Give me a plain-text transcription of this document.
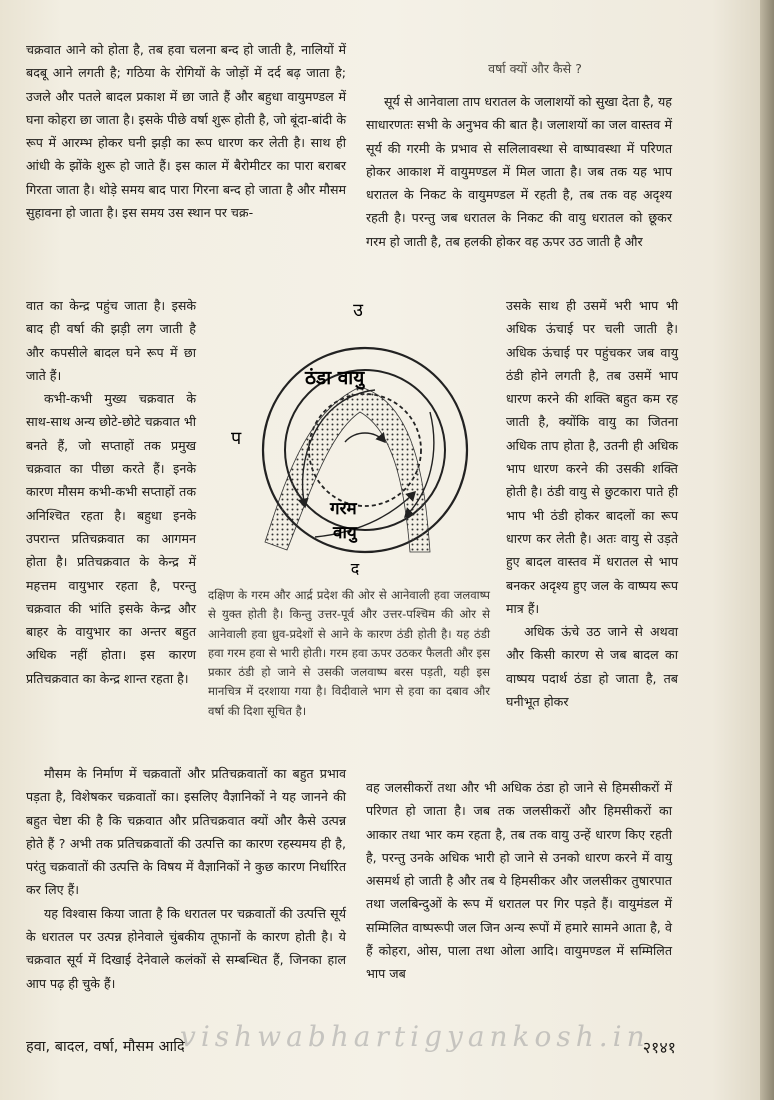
चक्रवात आने को होता है, तब हवा चलना बन्द हो जाती है, नालियों में बदबू आने लगती है; गठिया के रोगियों के जोड़ों में दर्द बढ़ जाता है; उजले और पतले बादल प्रकाश में छा जाते हैं और बहुधा वायुमण्डल में घना कोहरा छा जाता है। इसके पीछे वर्षा शुरू होती है, जो बूंदा-बांदी के रूप में आरम्भ होकर घनी झड़ी का रूप धारण कर लेती है। साथ ही आंधी के झोंके शुरू हो जाते हैं। इस काल में बैरोमीटर का पारा बराबर गिरता जाता है। थोड़े समय बाद पारा गिरना बन्द हो जाता है और मौसम सुहावना हो जाता है। इस समय उस स्थान पर चक्र-

वात का केन्द्र पहुंच जाता है। इसके बाद ही वर्षा की झड़ी लग जाती है और कपसीले बादल घने रूप में छा जाते हैं।

कभी-कभी मुख्य चक्रवात के साथ-साथ अन्य छोटे-छोटे चक्रवात भी बनते हैं, जो सप्ताहों तक प्रमुख चक्रवात का पीछा करते हैं। इनके कारण मौसम कभी-कभी सप्ताहों तक अनिश्चित रहता है। बहुधा इनके उपरान्त प्रतिचक्रवात का आगमन होता है। प्रतिचक्रवात के केन्द्र में महत्तम वायुभार रहता है, परन्तु चक्रवात की भांति इसके केन्द्र और बाहर के वायुभार का अन्तर बहुत अधिक नहीं होता। इस कारण प्रतिचक्रवात का केन्द्र शान्त रहता है।

मौसम के निर्माण में चक्रवातों और प्रतिचक्रवातों का बहुत प्रभाव पड़ता है, विशेषकर चक्रवातों का। इसलिए वैज्ञानिकों ने यह जानने की बहुत चेष्टा की है कि चक्रवात और प्रतिचक्रवात क्यों और कैसे उत्पन्न होते हैं ? अभी तक प्रतिचक्रवातों की उत्पत्ति का कारण रहस्यमय ही है, परंतु चक्रवातों की उत्पत्ति के विषय में वैज्ञानिकों ने कुछ कारण निर्धारित कर लिए हैं।

यह विश्वास किया जाता है कि धरातल पर चक्रवातों की उत्पत्ति सूर्य के धरातल पर उत्पन्न होनेवाले चुंबकीय तूफानों के कारण होती है। ये चक्रवात सूर्य में दिखाई देनेवाले कलंकों से सम्बन्धित हैं, जिनका हाल आप पढ़ ही चुके हैं।

वर्षा क्यों और कैसे ?

सूर्य से आनेवाला ताप धरातल के जलाशयों को सुखा देता है, यह साधारणतः सभी के अनुभव की बात है। जलाशयों का जल वास्तव में सूर्य की गरमी के प्रभाव से सलिलावस्था से वाष्पावस्था में परिणत होकर आकाश में वायुमण्डल में मिल जाता है। जब तक यह भाप धरातल के निकट के वायुमण्डल में रहती है, तब तक वह अदृश्य रहती है। परन्तु जब धरातल के निकट की वायु धरातल को छूकर गरम हो जाती है, तब हलकी होकर वह ऊपर उठ जाती है और

उसके साथ ही उसमें भरी भाप भी अधिक ऊंचाई पर चली जाती है। अधिक ऊंचाई पर पहुंचकर जब वायु ठंडी होने लगती है, तब उसमें भाप धारण करने की शक्ति बहुत कम रह जाती है, क्योंकि वायु का जितना अधिक ताप होता है, उतनी ही अधिक भाप धारण करने की उसकी शक्ति होती है। ठंडी वायु से छुटकारा पाते ही भाप भी ठंडी होकर बादलों का रूप धारण कर लेती है। अतः वायु से उड़ते हुए बादल वास्तव में धरातल से भाप बनकर अदृश्य हुए जल के वाष्पय रूप मात्र हैं।

अधिक ऊंचे उठ जाने से अथवा और किसी कारण से जब बादल का वाष्पय पदार्थ ठंडा हो जाता है, तब घनीभूत होकर

वह जलसीकरों तथा और भी अधिक ठंडा हो जाने से हिमसीकरों में परिणत हो जाता है। जब तक जलसीकरों और हिमसीकरों का आकार तथा भार कम रहता है, तब तक वायु उन्हें धारण किए रहती है, परन्तु उनके अधिक भारी हो जाने से उनको धारण करने में वायु असमर्थ हो जाती है और तब ये हिमसीकर और जलसीकर तुषारपात तथा जलबिन्दुओं के रूप में धरातल पर गिर पड़ते हैं। वायुमंडल में सम्मिलित वाष्परूपी जल जिन अन्य रूपों में हमारे सामने आता है, वे हैं कोहरा, ओस, पाला तथा ओला आदि। वायुमण्डल में सम्मिलित भाप जब

उ
द
प
ठंडा वायु
गरम
वायु
दक्षिण के गरम और आर्द्र प्रदेश की ओर से आनेवाली हवा जलवाष्प से युक्त होती है। किन्तु उत्तर-पूर्व और उत्तर-पश्चिम की ओर से आनेवाली हवा ध्रुव-प्रदेशों से आने के कारण ठंडी होती है। यह ठंडी हवा गरम हवा से भारी होती। गरम हवा ऊपर उठकर फैलती और इस प्रकार ठंडी हो जाने से उसकी जलवाष्प बरस पड़ती, यही इस मानचित्र में दरशाया गया है। विदीवाले भाग से हवा का दबाव और वर्षा की दिशा सूचित है।
हवा, बादल, वर्षा, मौसम आदि	२१४१
vishwabhartigyankosh.in
